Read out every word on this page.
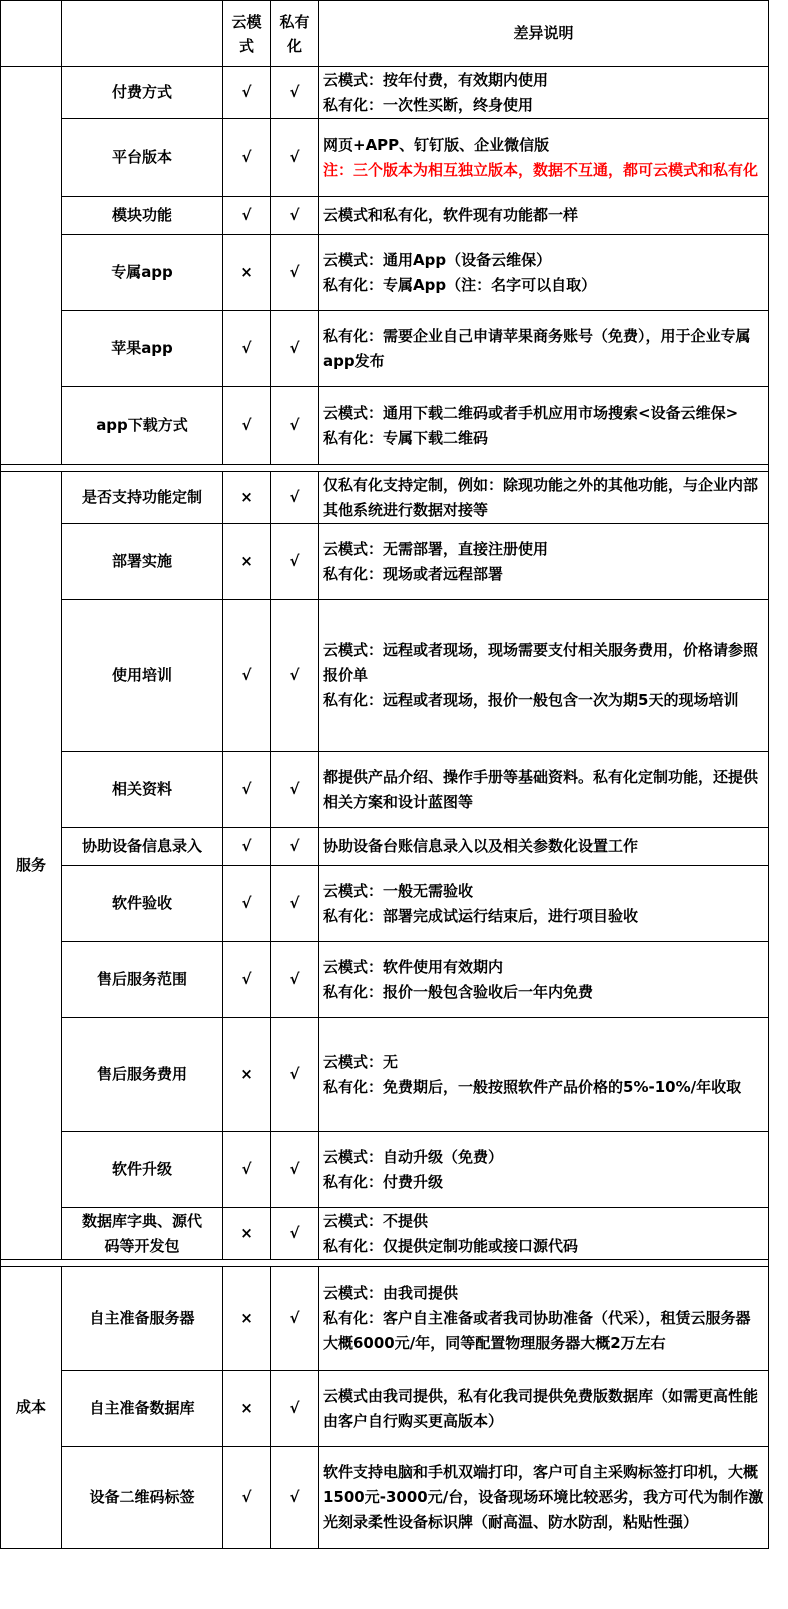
		云模式	私有化	差异说明
	付费方式	√	√	云模式：按年付费，有效期内使用
私有化：一次性买断，终身使用

	平台版本	√	√	网页+APP、钉钉版、企业微信版
注：三个版本为相互独立版本，数据不互通，都可云模式和私有化

	模块功能	√	√	云模式和私有化，软件现有功能都一样

	专属app	×	√	云模式：通用App（设备云维保）
私有化：专属App（注：名字可以自取）

	苹果app	√	√	私有化：需要企业自己申请苹果商务账号（免费），用于企业专属app发布

	app下载方式	√	√	云模式：通用下载二维码或者手机应用市场搜索<设备云维保>
私有化：专属下载二维码

服务	是否支持功能定制	×	√	仅私有化支持定制，例如：除现功能之外的其他功能，与企业内部其他系统进行数据对接等

	部署实施	×	√	云模式：无需部署，直接注册使用
私有化：现场或者远程部署

	使用培训	√	√	云模式：远程或者现场，现场需要支付相关服务费用，价格请参照报价单
私有化：远程或者现场，报价一般包含一次为期5天的现场培训

	相关资料	√	√	都提供产品介绍、操作手册等基础资料。私有化定制功能，还提供相关方案和设计蓝图等

	协助设备信息录入	√	√	协助设备台账信息录入以及相关参数化设置工作

	软件验收	√	√	云模式：一般无需验收
私有化：部署完成试运行结束后，进行项目验收

	售后服务范围	√	√	云模式：软件使用有效期内
私有化：报价一般包含验收后一年内免费

	售后服务费用	×	√	云模式：无
私有化：免费期后，一般按照软件产品价格的5%-10%/年收取

	软件升级	√	√	云模式：自动升级（免费）
私有化：付费升级

	数据库字典、源代码等开发包	×	√	云模式：不提供
私有化：仅提供定制功能或接口源代码

成本	自主准备服务器	×	√	云模式：由我司提供
私有化：客户自主准备或者我司协助准备（代采），租赁云服务器大概6000元/年，同等配置物理服务器大概2万左右

	自主准备数据库	×	√	云模式由我司提供，私有化我司提供免费版数据库（如需更高性能由客户自行购买更高版本）

	设备二维码标签	√	√	软件支持电脑和手机双端打印，客户可自主采购标签打印机，大概1500元-3000元/台，设备现场环境比较恶劣，我方可代为制作激光刻录柔性设备标识牌（耐高温、防水防刮，粘贴性强）
